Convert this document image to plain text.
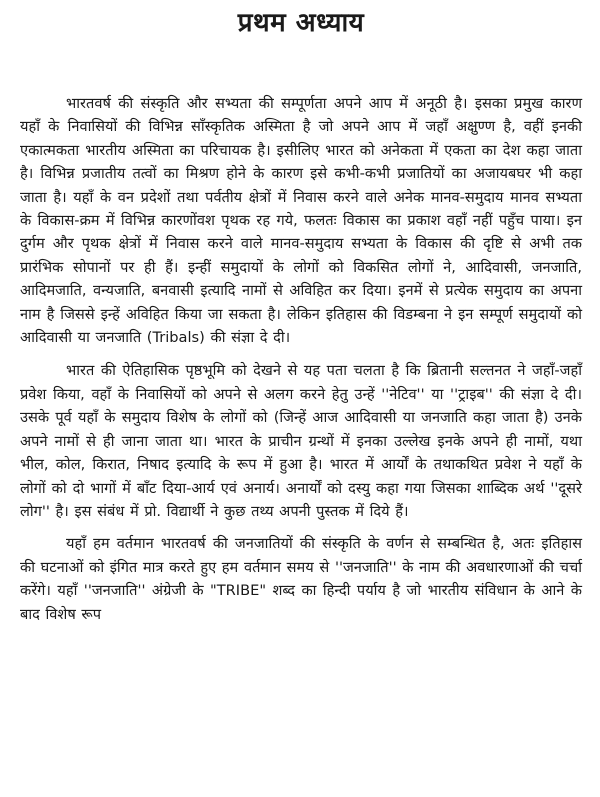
प्रथम अध्याय

भारतवर्ष की संस्कृति और सभ्यता की सम्पूर्णता अपने आप में अनूठी है। इसका प्रमुख कारण यहाँ के निवासियों की विभिन्न साँस्कृतिक अस्मिता है जो अपने आप में जहाँ अक्षुण्ण है, वहीं इनकी एकात्मकता भारतीय अस्मिता का परिचायक है। इसीलिए भारत को अनेकता में एकता का देश कहा जाता है। विभिन्न प्रजातीय तत्वों का मिश्रण होने के कारण इसे कभी-कभी प्रजातियों का अजायबघर भी कहा जाता है। यहाँ के वन प्रदेशों तथा पर्वतीय क्षेत्रों में निवास करने वाले अनेक मानव-समुदाय मानव सभ्यता के विकास-क्रम में विभिन्न कारणोंवश पृथक रह गये, फलतः विकास का प्रकाश वहाँ नहीं पहुँच पाया। इन दुर्गम और पृथक क्षेत्रों में निवास करने वाले मानव-समुदाय सभ्यता के विकास की दृष्टि से अभी तक प्रारंभिक सोपानों पर ही हैं। इन्हीं समुदायों के लोगों को विकसित लोगों ने, आदिवासी, जनजाति, आदिमजाति, वन्यजाति, बनवासी इत्यादि नामों से अविहित कर दिया। इनमें से प्रत्येक समुदाय का अपना नाम है जिससे इन्हें अविहित किया जा सकता है। लेकिन इतिहास की विडम्बना ने इन सम्पूर्ण समुदायों को आदिवासी या जनजाति (Tribals) की संज्ञा दे दी।

भारत की ऐतिहासिक पृष्ठभूमि को देखने से यह पता चलता है कि ब्रितानी सल्तनत ने जहाँ-जहाँ प्रवेश किया, वहाँ के निवासियों को अपने से अलग करने हेतु उन्हें ''नेटिव'' या ''ट्राइब'' की संज्ञा दे दी। उसके पूर्व यहाँ के समुदाय विशेष के लोगों को (जिन्हें आज आदिवासी या जनजाति कहा जाता है) उनके अपने नामों से ही जाना जाता था। भारत के प्राचीन ग्रन्थों में इनका उल्लेख इनके अपने ही नामों, यथा भील, कोल, किरात, निषाद इत्यादि के रूप में हुआ है। भारत में आर्यों के तथाकथित प्रवेश ने यहाँ के लोगों को दो भागों में बाँट दिया-आर्य एवं अनार्य। अनार्यों को दस्यु कहा गया जिसका शाब्दिक अर्थ ''दूसरे लोग'' है। इस संबंध में प्रो. विद्यार्थी ने कुछ तथ्य अपनी पुस्तक में दिये हैं।

यहाँ हम वर्तमान भारतवर्ष की जनजातियों की संस्कृति के वर्णन से सम्बन्धित है, अतः इतिहास की घटनाओं को इंगित मात्र करते हुए हम वर्तमान समय से ''जनजाति'' के नाम की अवधारणाओं की चर्चा करेंगे। यहाँ ''जनजाति'' अंग्रेजी के "TRIBE" शब्द का हिन्दी पर्याय है जो भारतीय संविधान के आने के बाद विशेष रूप
